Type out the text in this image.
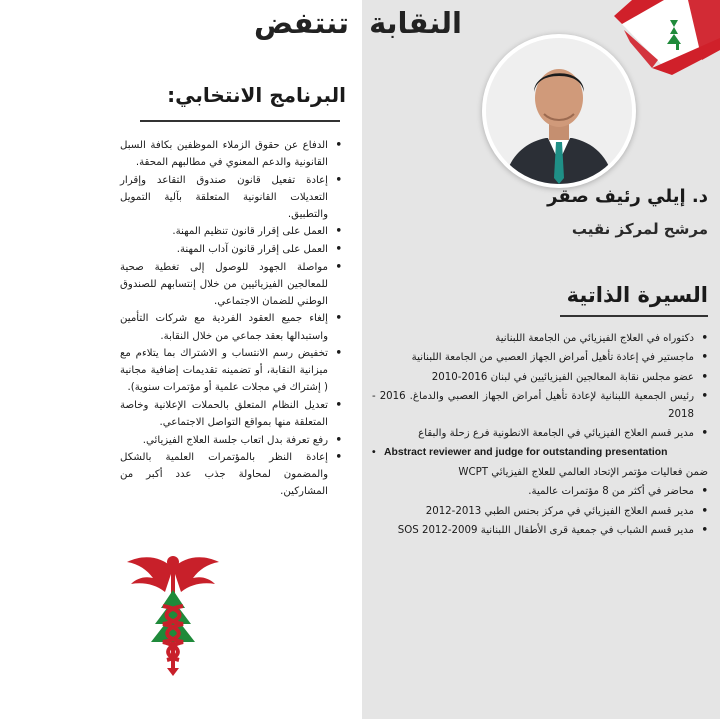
النقابة تنتفض
د. إيلي رئيف صقر
مرشح لمركز نقيب
البرنامج الانتخابي:
• الدفاع عن حقوق الزملاء الموظفين بكافة السبل القانونية والدعم المعنوي في مطالبهم المحقة.
• إعادة تفعيل قانون صندوق التقاعد وإقرار التعديلات القانونية المتعلقة بآلية التمويل والتطبيق.
• العمل على إقرار قانون تنظيم المهنة.
• العمل على إقرار قانون آداب المهنة.
• مواصلة الجهود للوصول إلى تغطية صحية للمعالجين الفيزيائيين من خلال إنتسابهم للصندوق الوطني للضمان الاجتماعي.
• إلغاء جميع العقود الفردية مع شركات التأمين واستبدالها بعقد جماعي من خلال النقابة.
• تخفيض رسم الانتساب و الاشتراك بما يتلاءم مع ميزانية النقابة، أو تضمينه تقديمات إضافية مجانية ( إشتراك في مجلات علمية أو مؤتمرات سنوية).
• تعديل النظام المتعلق بالحملات الإعلانية وخاصة المتعلقة منها بمواقع التواصل الاجتماعي.
• رفع تعرفة بدل اتعاب جلسة العلاج الفيزيائي.
• إعادة النظر بالمؤتمرات العلمية بالشكل والمضمون لمحاولة جذب عدد أكبر من المشاركين.
السيرة الذاتية
• دكتوراه في العلاج الفيزيائي من الجامعة اللبنانية
• ماجستير في إعادة تأهيل أمراض الجهاز العصبي من الجامعة اللبنانية
• عضو مجلس نقابة المعالجين الفيزيائيين في لبنان 2016-2010
• رئيس الجمعية اللبنانية لإعادة تأهيل أمراض الجهاز العصبي والدماغ. 2016 - 2018
• مدير قسم العلاج الفيزيائي في الجامعة الانطونية فرع زحلة والبقاع
• Abstract reviewer and judge for outstanding presentation
ضمن فعاليات مؤتمر الإتحاد العالمي للعلاج الفيزيائي WCPT
• محاضر في أكثر من 8 مؤتمرات عالمية.
• مدير قسم العلاج الفيزيائي في مركز بحنس الطبي 2013-2012
• مدير قسم الشباب في جمعية قرى الأطفال اللبنانية SOS 2012-2009
